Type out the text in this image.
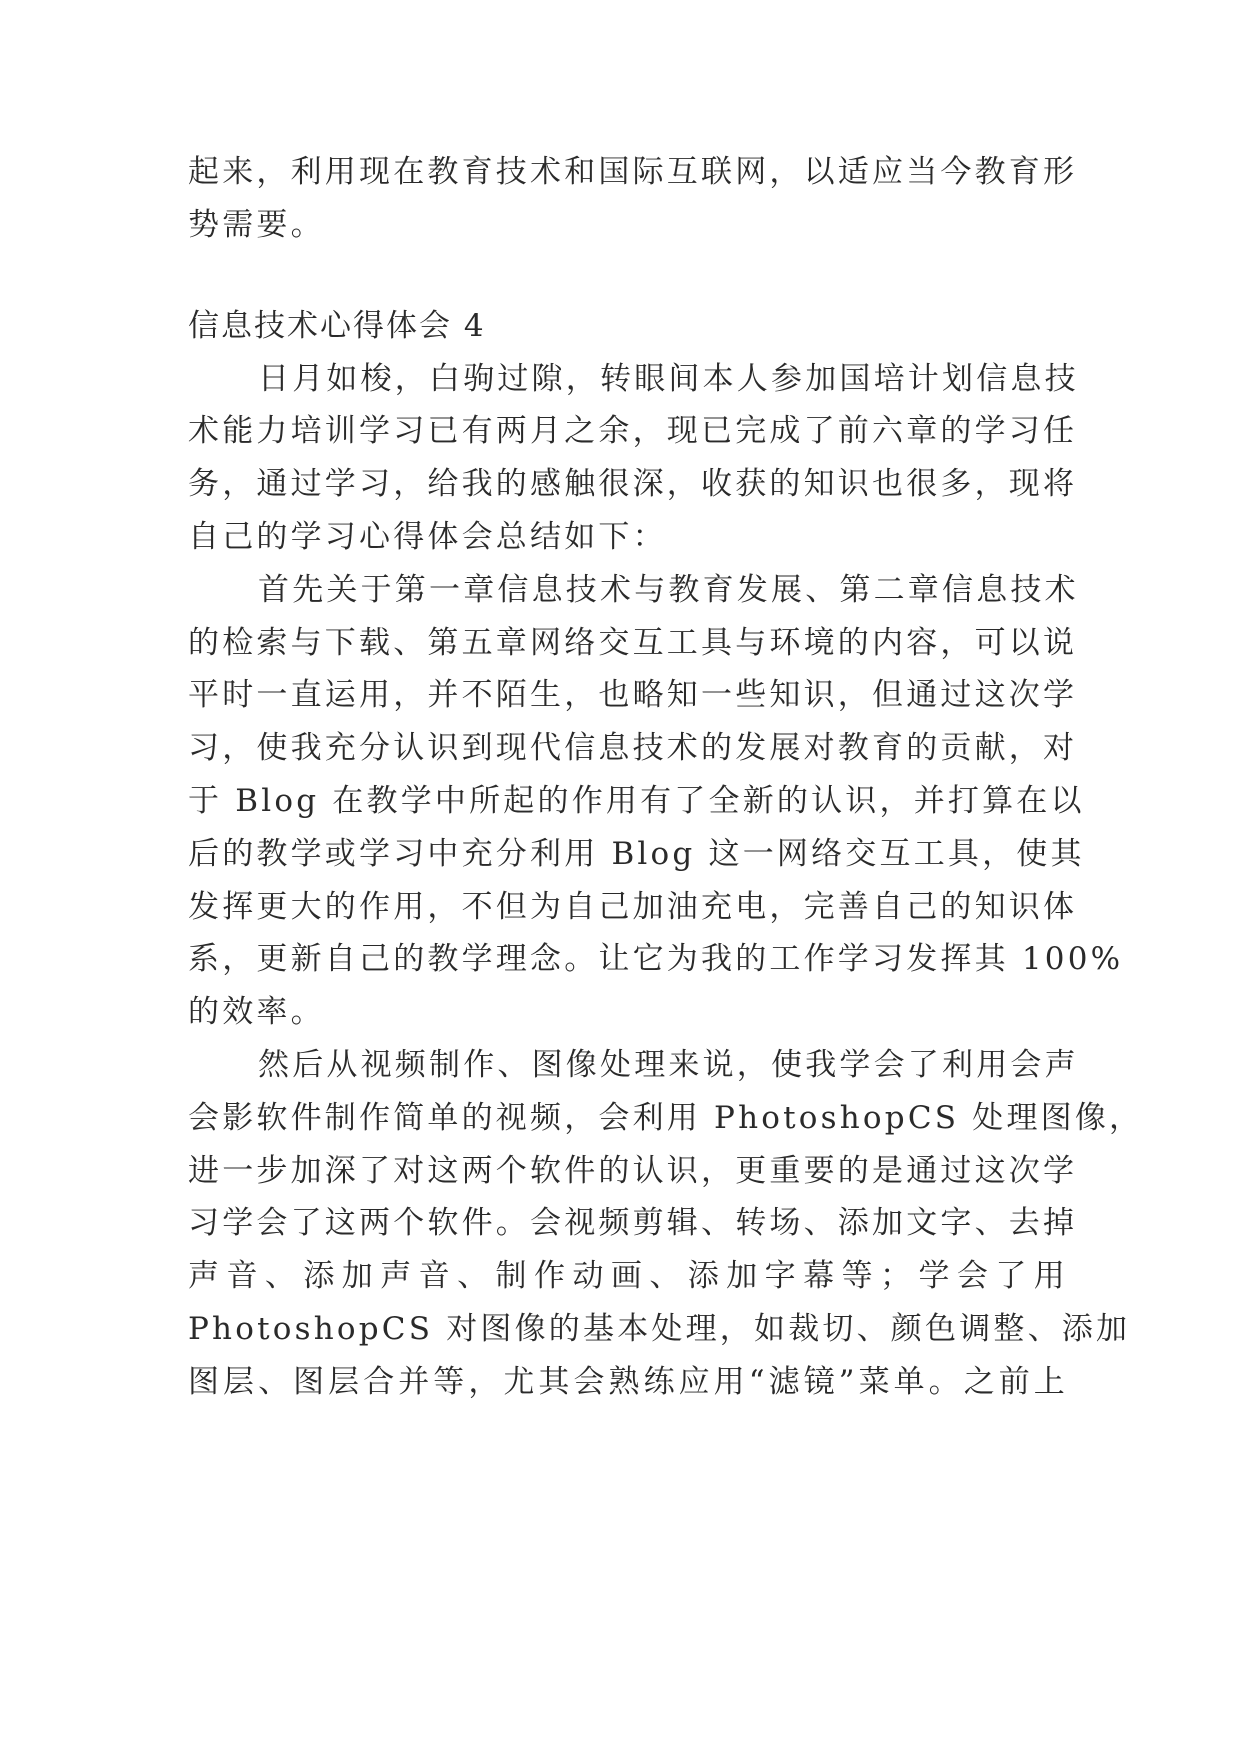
起来，利用现在教育技术和国际互联网，以适应当今教育形
势需要。
信息技术心得体会 4
日月如梭，白驹过隙，转眼间本人参加国培计划信息技
术能力培训学习已有两月之余，现已完成了前六章的学习任
务，通过学习，给我的感触很深，收获的知识也很多，现将
自己的学习心得体会总结如下：
首先关于第一章信息技术与教育发展、第二章信息技术
的检索与下载、第五章网络交互工具与环境的内容，可以说
平时一直运用，并不陌生，也略知一些知识，但通过这次学
习，使我充分认识到现代信息技术的发展对教育的贡献，对
于 Blog 在教学中所起的作用有了全新的认识，并打算在以
后的教学或学习中充分利用 Blog 这一网络交互工具，使其
发挥更大的作用，不但为自己加油充电，完善自己的知识体
系，更新自己的教学理念。让它为我的工作学习发挥其 100%
的效率。
然后从视频制作、图像处理来说，使我学会了利用会声
会影软件制作简单的视频，会利用 PhotoshopCS 处理图像，
进一步加深了对这两个软件的认识，更重要的是通过这次学
习学会了这两个软件。会视频剪辑、转场、添加文字、去掉
声音、添加声音、制作动画、添加字幕等；学会了用
PhotoshopCS 对图像的基本处理，如裁切、颜色调整、添加
图层、图层合并等，尤其会熟练应用“滤镜”菜单。之前上
